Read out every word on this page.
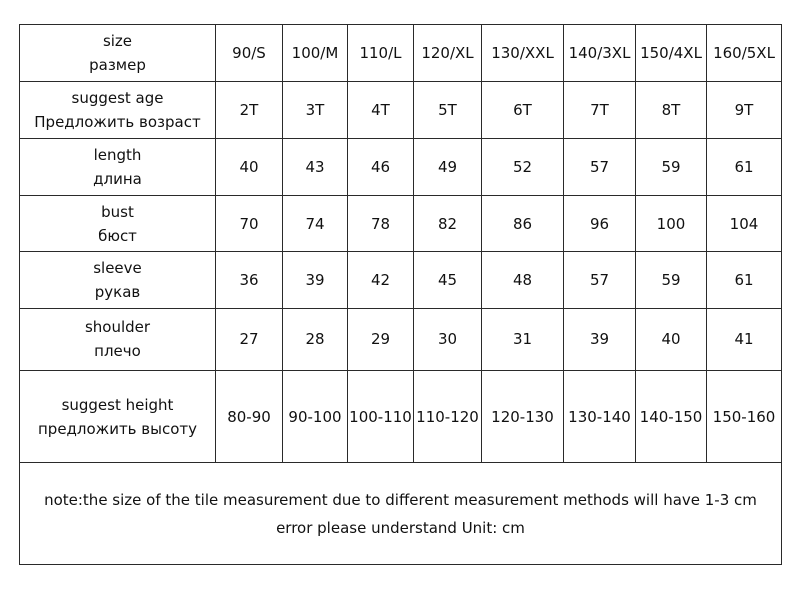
size
размер	90/S	100/M	110/L	120/XL	130/XXL	140/3XL	150/4XL	160/5XL

suggest age
Предложить возраст	2T	3T	4T	5T	6T	7T	8T	9T

length
длина	40	43	46	49	52	57	59	61

bust
бюст	70	74	78	82	86	96	100	104

sleeve
рукав	36	39	42	45	48	57	59	61

shoulder
плечо	27	28	29	30	31	39	40	41

suggest height
предложить высоту	80-90	90-100	100-110	110-120	120-130	130-140	140-150	150-160

note:the size of the tile measurement due to different measurement methods will have 1-3 cm
error please understand Unit: cm								
